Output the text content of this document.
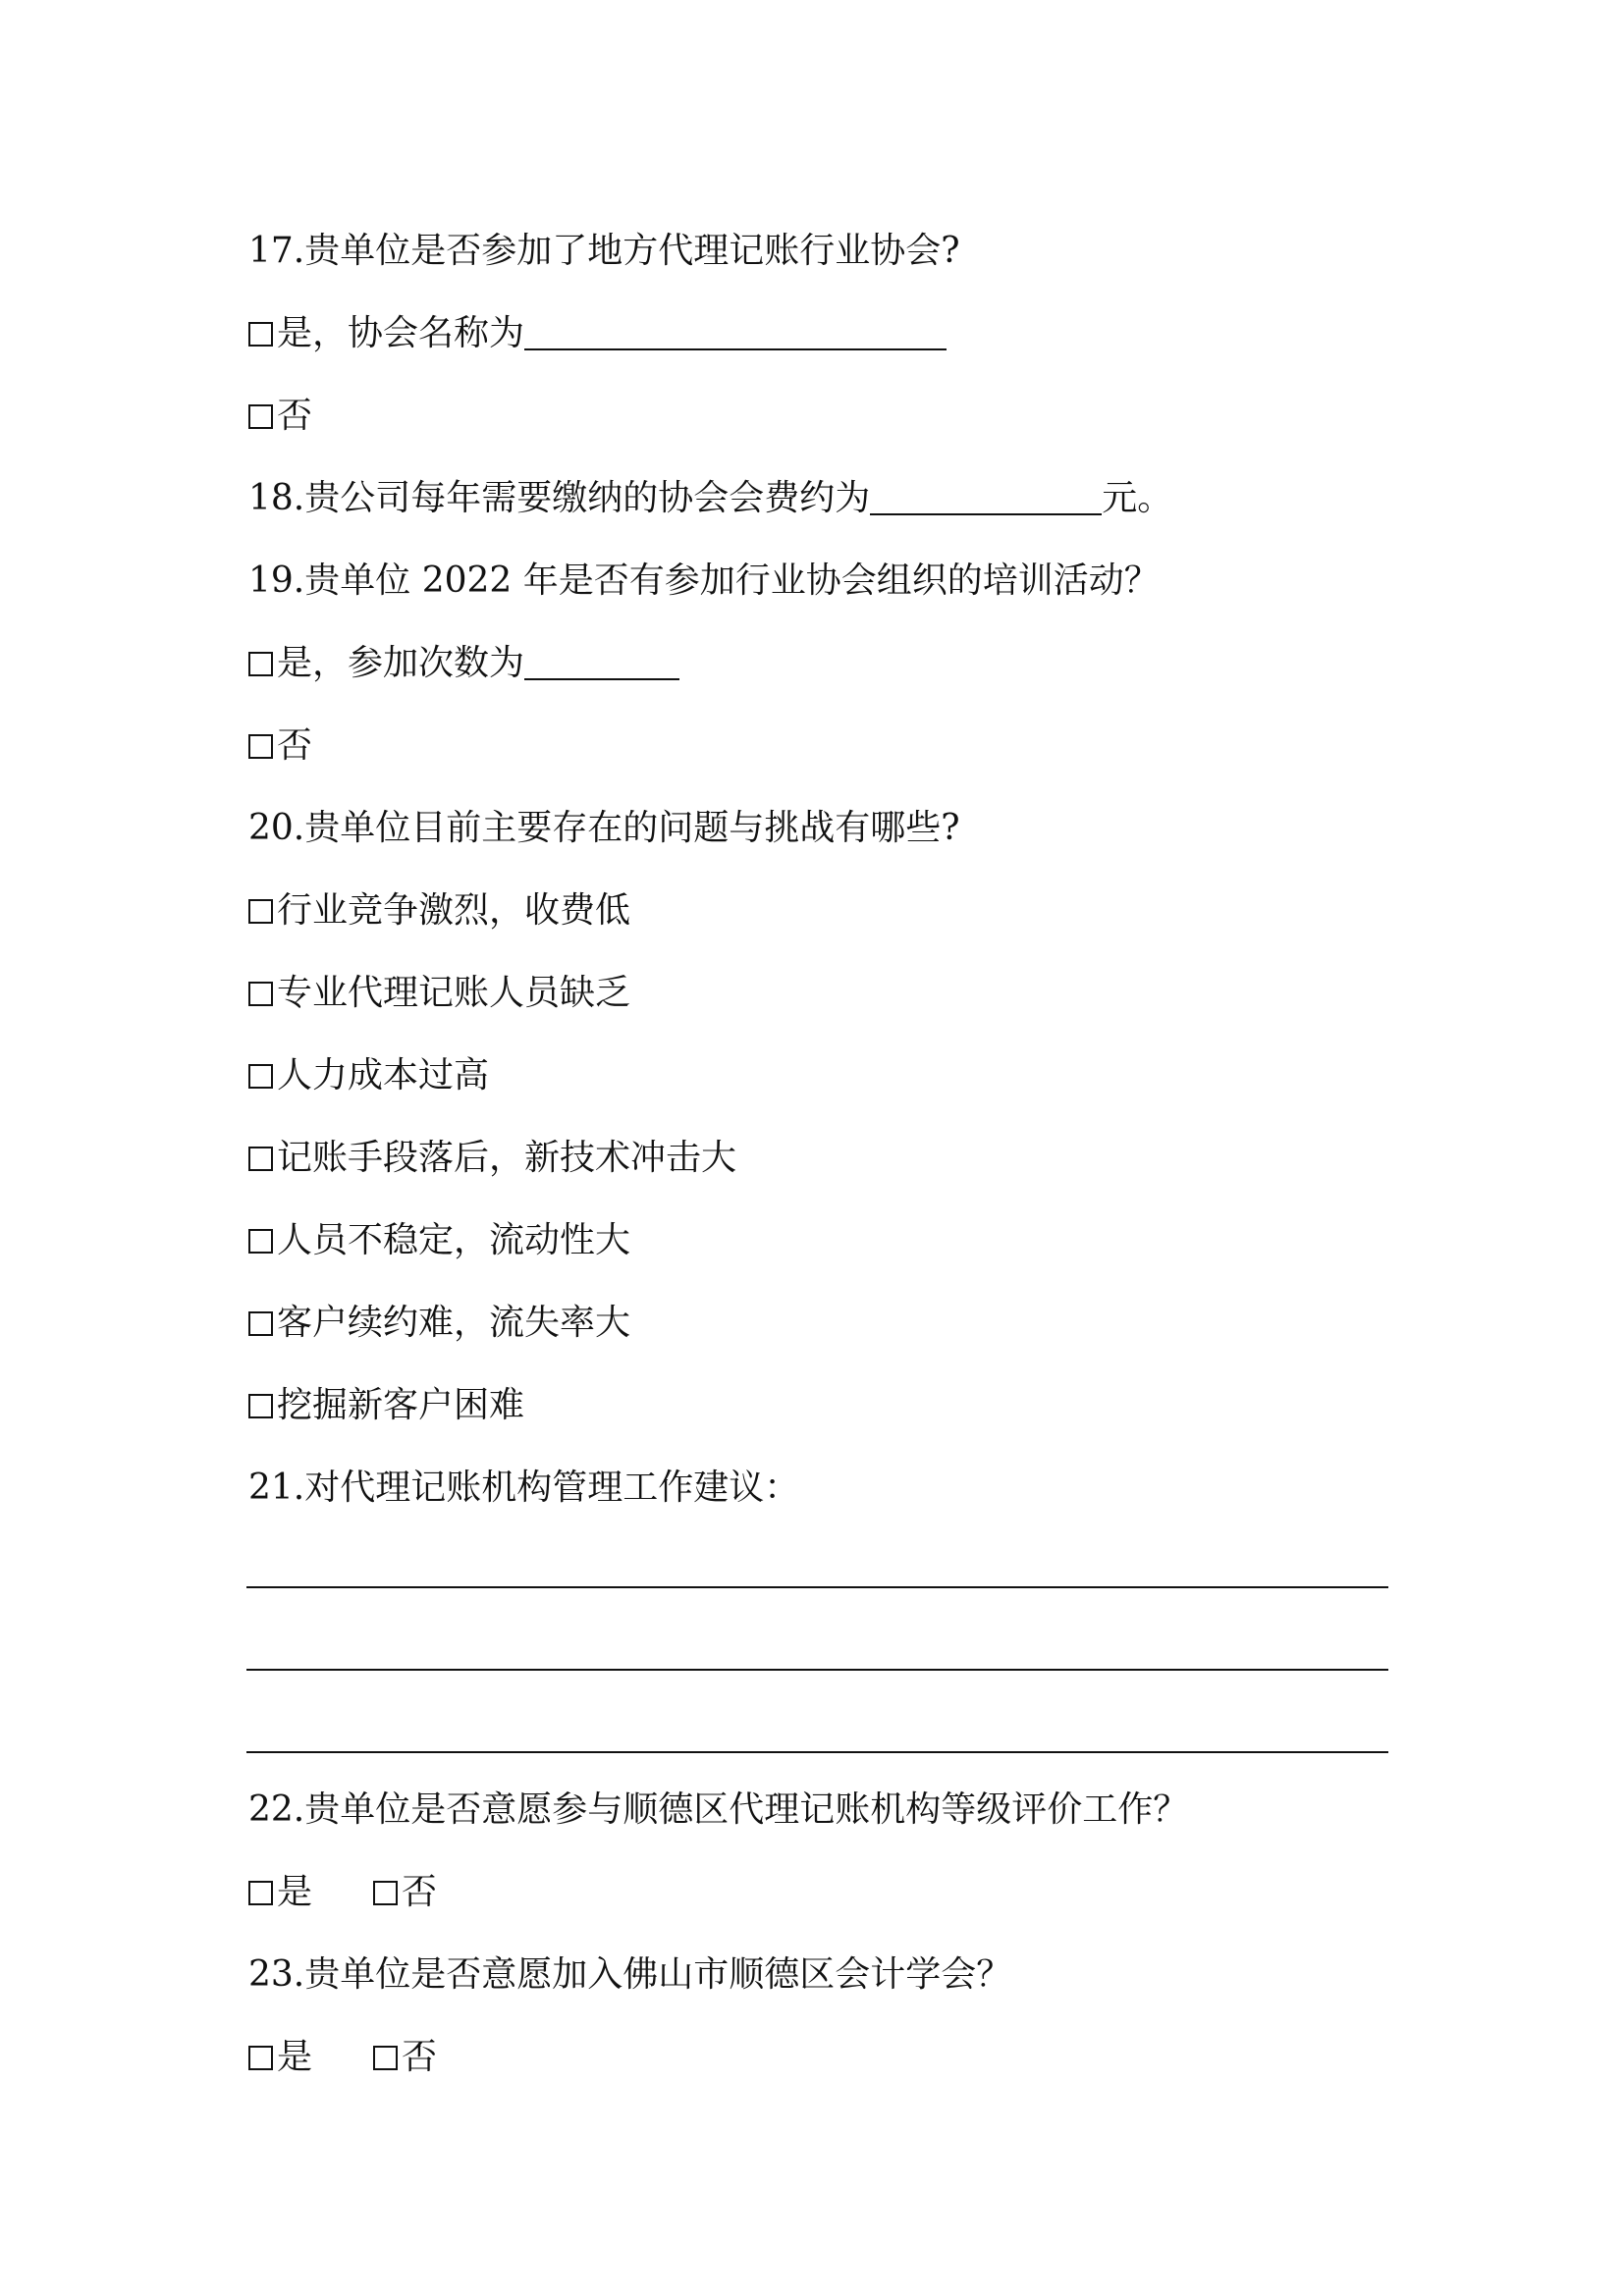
17.贵单位是否参加了地方代理记账行业协会?
是，协会名称为
否
18.贵公司每年需要缴纳的协会会费约为	元。
19.贵单位 2022 年是否有参加行业协会组织的培训活动？
是，参加次数为
否
20.贵单位目前主要存在的问题与挑战有哪些?
行业竞争激烈，收费低
专业代理记账人员缺乏
人力成本过高
记账手段落后，新技术冲击大
人员不稳定，流动性大
客户续约难，流失率大
挖掘新客户困难
21.对代理记账机构管理工作建议：
22.贵单位是否意愿参与顺德区代理记账机构等级评价工作？
是	否
23.贵单位是否意愿加入佛山市顺德区会计学会？
是	否
